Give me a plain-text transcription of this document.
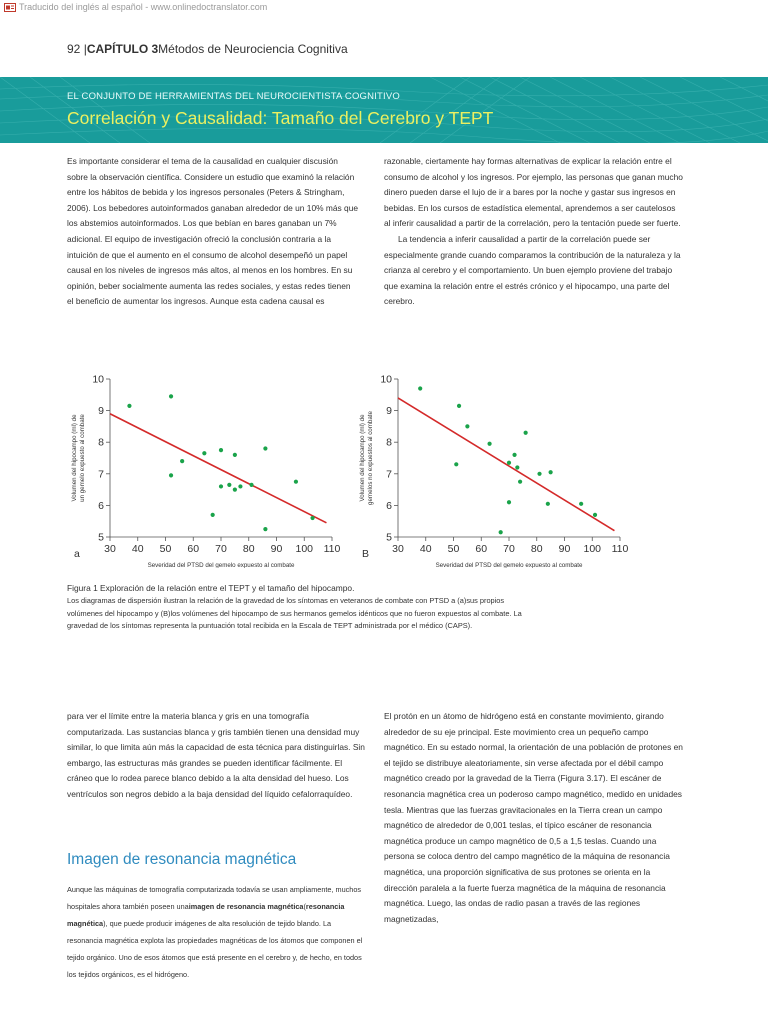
Traducido del inglés al español - www.onlinedoctranslator.com
92 |CAPÍTULO 3Métodos de Neurociencia Cognitiva
EL CONJUNTO DE HERRAMIENTAS DEL NEUROCIENTISTA COGNITIVO
Correlación y Causalidad: Tamaño del Cerebro y TEPT

Es importante considerar el tema de la causalidad en cualquier discusión sobre la observación científica. Considere un estudio que examinó la relación entre los hábitos de bebida y los ingresos personales (Peters & Stringham, 2006). Los bebedores autoinformados ganaban alrededor de un 10% más que los abstemios autoinformados. Los que bebían en bares ganaban un 7% adicional. El equipo de investigación ofreció la conclusión contraria a la intuición de que el aumento en el consumo de alcohol desempeñó un papel causal en los niveles de ingresos más altos, al menos en los hombres. En su opinión, beber socialmente aumenta las redes sociales, y estas redes tienen el beneficio de aumentar los ingresos. Aunque esta cadena causal es

razonable, ciertamente hay formas alternativas de explicar la relación entre el consumo de alcohol y los ingresos. Por ejemplo, las personas que ganan mucho dinero pueden darse el lujo de ir a bares por la noche y gastar sus ingresos en bebidas. En los cursos de estadística elemental, aprendemos a ser cautelosos al inferir causalidad a partir de la correlación, pero la tentación puede ser fuerte.

La tendencia a inferir causalidad a partir de la correlación puede ser especialmente grande cuando comparamos la contribución de la naturaleza y la crianza al cerebro y el comportamiento. Un buen ejemplo proviene del trabajo que examina la relación entre el estrés crónico y el hipocampo, una parte del cerebro.

5
6
7
8
9
10
30 40 50 60 70 80 90 100 110
Severidad del PTSD del gemelo expuesto al combate
Volumen del hipocampo (ml) de un gemelo expuesto al combate
a
5
6
7
8
9
10
30 40 50 60 70 80 90 100 110
Severidad del PTSD del gemelo expuesto al combate
Volumen del hipocampo (ml) de gemelos no expuestos al combate
B
Figura 1 Exploración de la relación entre el TEPT y el tamaño del hipocampo.
Los diagramas de dispersión ilustran la relación de la gravedad de los síntomas en veteranos de combate con PTSD a (a)sus propios volúmenes del hipocampo y (B)los volúmenes del hipocampo de sus hermanos gemelos idénticos que no fueron expuestos al combate. La gravedad de los síntomas representa la puntuación total recibida en la Escala de TEPT administrada por el médico (CAPS).

para ver el límite entre la materia blanca y gris en una tomografía computarizada. Las sustancias blanca y gris también tienen una densidad muy similar, lo que limita aún más la capacidad de esta técnica para distinguirlas. Sin embargo, las estructuras más grandes se pueden identificar fácilmente. El cráneo que lo rodea parece blanco debido a la alta densidad del hueso. Los ventrículos son negros debido a la baja densidad del líquido cefalorraquídeo.

Imagen de resonancia magnética

Aunque las máquinas de tomografía computarizada todavía se usan ampliamente, muchos hospitales ahora también poseen unaimagen de resonancia magnética(resonancia magnética), que puede producir imágenes de alta resolución de tejido blando. La resonancia magnética explota las propiedades magnéticas de los átomos que componen el tejido orgánico. Uno de esos átomos que está presente en el cerebro y, de hecho, en todos los tejidos orgánicos, es el hidrógeno.

El protón en un átomo de hidrógeno está en constante movimiento, girando alrededor de su eje principal. Este movimiento crea un pequeño campo magnético. En su estado normal, la orientación de una población de protones en el tejido se distribuye aleatoriamente, sin verse afectada por el débil campo magnético creado por la gravedad de la Tierra (Figura 3.17). El escáner de resonancia magnética crea un poderoso campo magnético, medido en unidades tesla. Mientras que las fuerzas gravitacionales en la Tierra crean un campo magnético de alrededor de 0,001 teslas, el típico escáner de resonancia magnética produce un campo magnético de 0,5 a 1,5 teslas. Cuando una persona se coloca dentro del campo magnético de la máquina de resonancia magnética, una proporción significativa de sus protones se orienta en la dirección paralela a la fuerte fuerza magnética de la máquina de resonancia magnética. Luego, las ondas de radio pasan a través de las regiones magnetizadas,
